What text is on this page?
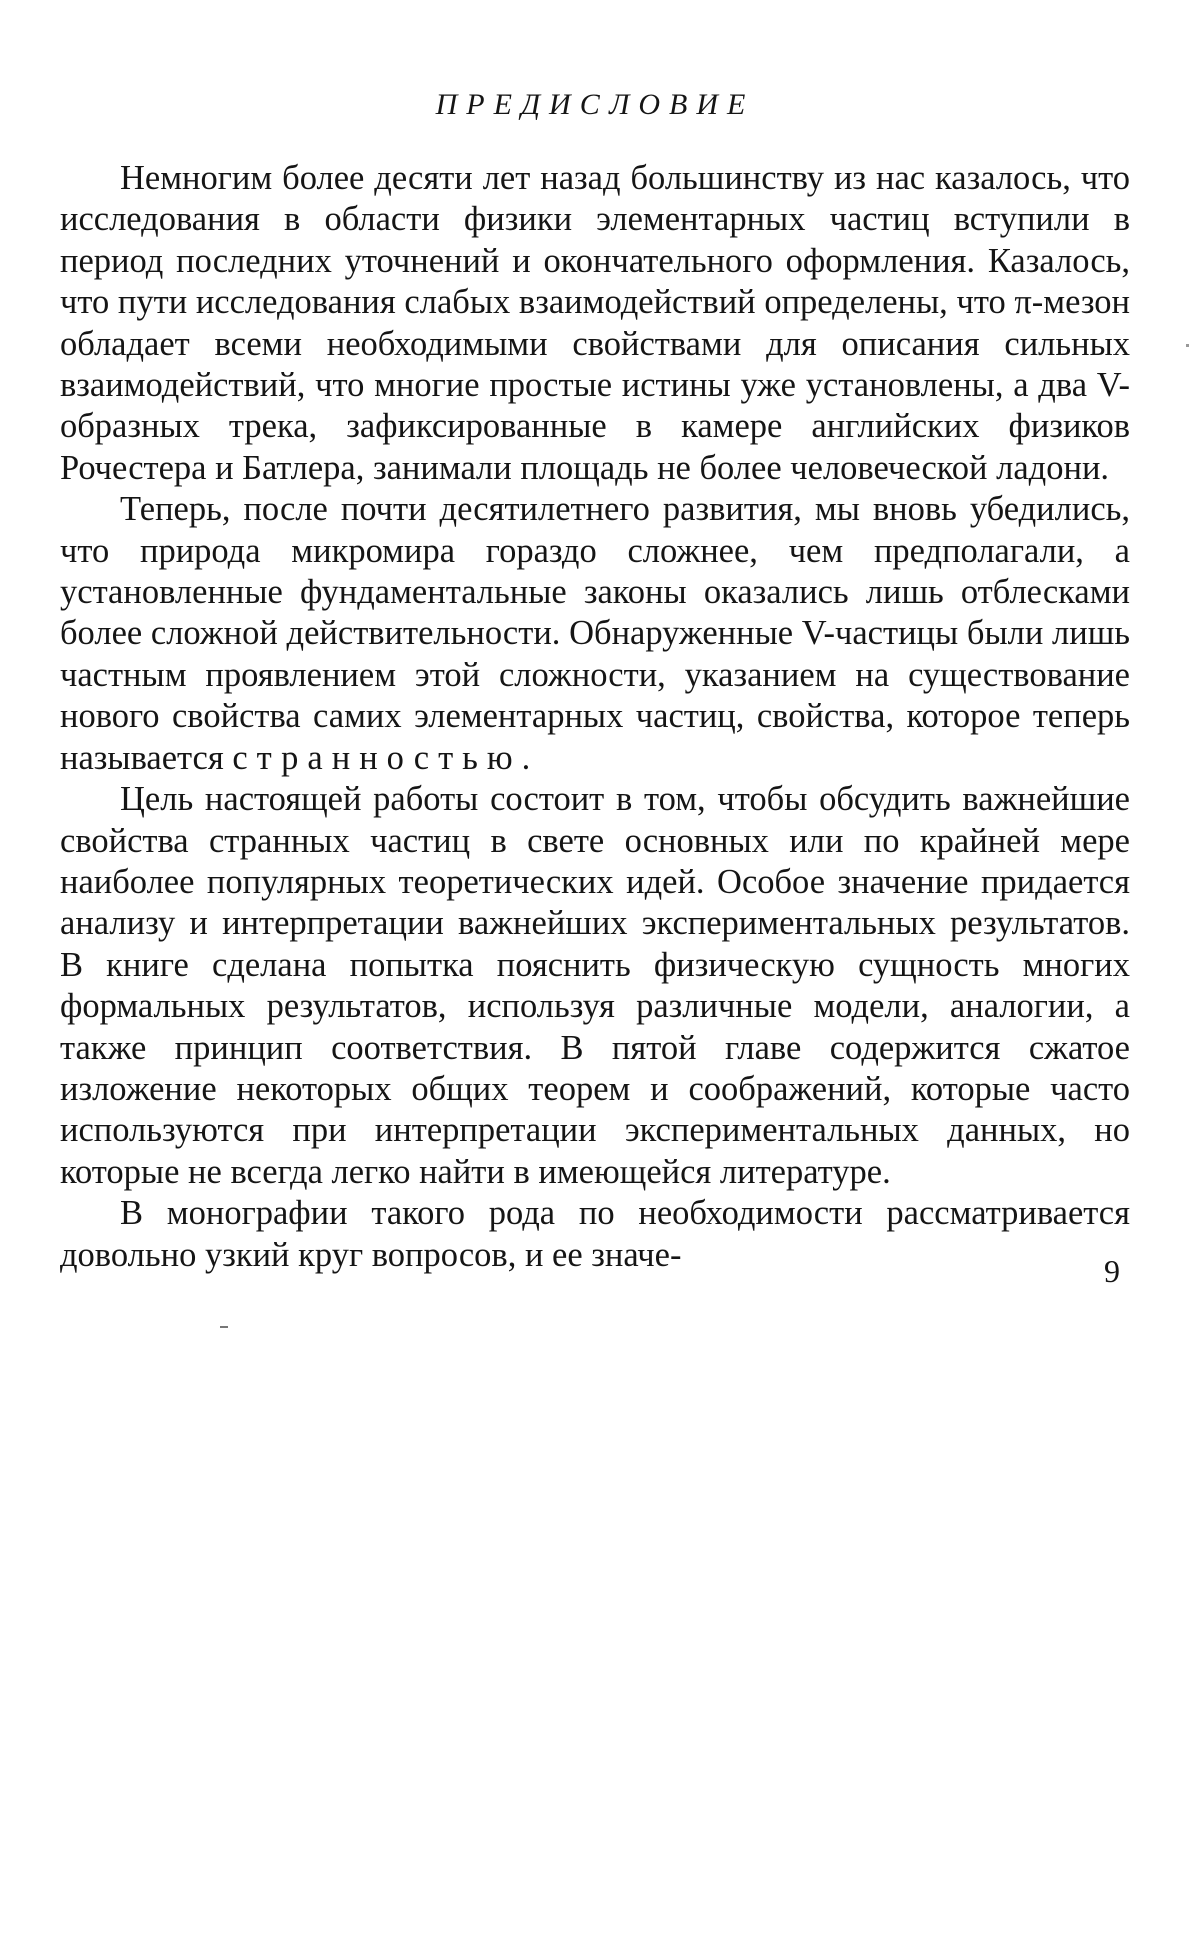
ПРЕДИСЛОВИЕ

Немногим более десяти лет назад большинству из нас казалось, что исследования в области физики элементарных частиц вступили в период последних уточнений и окончательного оформления. Казалось, что пути исследования слабых взаимодействий определены, что π-мезон обладает всеми необходимыми свойствами для описания сильных взаимодействий, что многие простые истины уже установлены, а два V-образных трека, зафиксированные в камере английских физиков Рочестера и Батлера, занимали площадь не более человеческой ладони.

Теперь, после почти десятилетнего развития, мы вновь убедились, что природа микромира гораздо сложнее, чем предполагали, а установленные фундаментальные законы оказались лишь отблесками более сложной действительности. Обнаруженные V-частицы были лишь частным проявлением этой сложности, указанием на существование нового свойства самих элементарных частиц, свойства, которое теперь называется странностью.

Цель настоящей работы состоит в том, чтобы обсудить важнейшие свойства странных частиц в свете основных или по крайней мере наиболее популярных теоретических идей. Особое значение придается анализу и интерпретации важнейших экспериментальных результатов. В книге сделана попытка пояснить физическую сущность многих формальных результатов, используя различные модели, аналогии, а также принцип соответствия. В пятой главе содержится сжатое изложение некоторых общих теорем и соображений, которые часто используются при интерпретации экспериментальных данных, но которые не всегда легко найти в имеющейся литературе.

В монографии такого рода по необходимости рассматривается довольно узкий круг вопросов, и ее значе-	9
